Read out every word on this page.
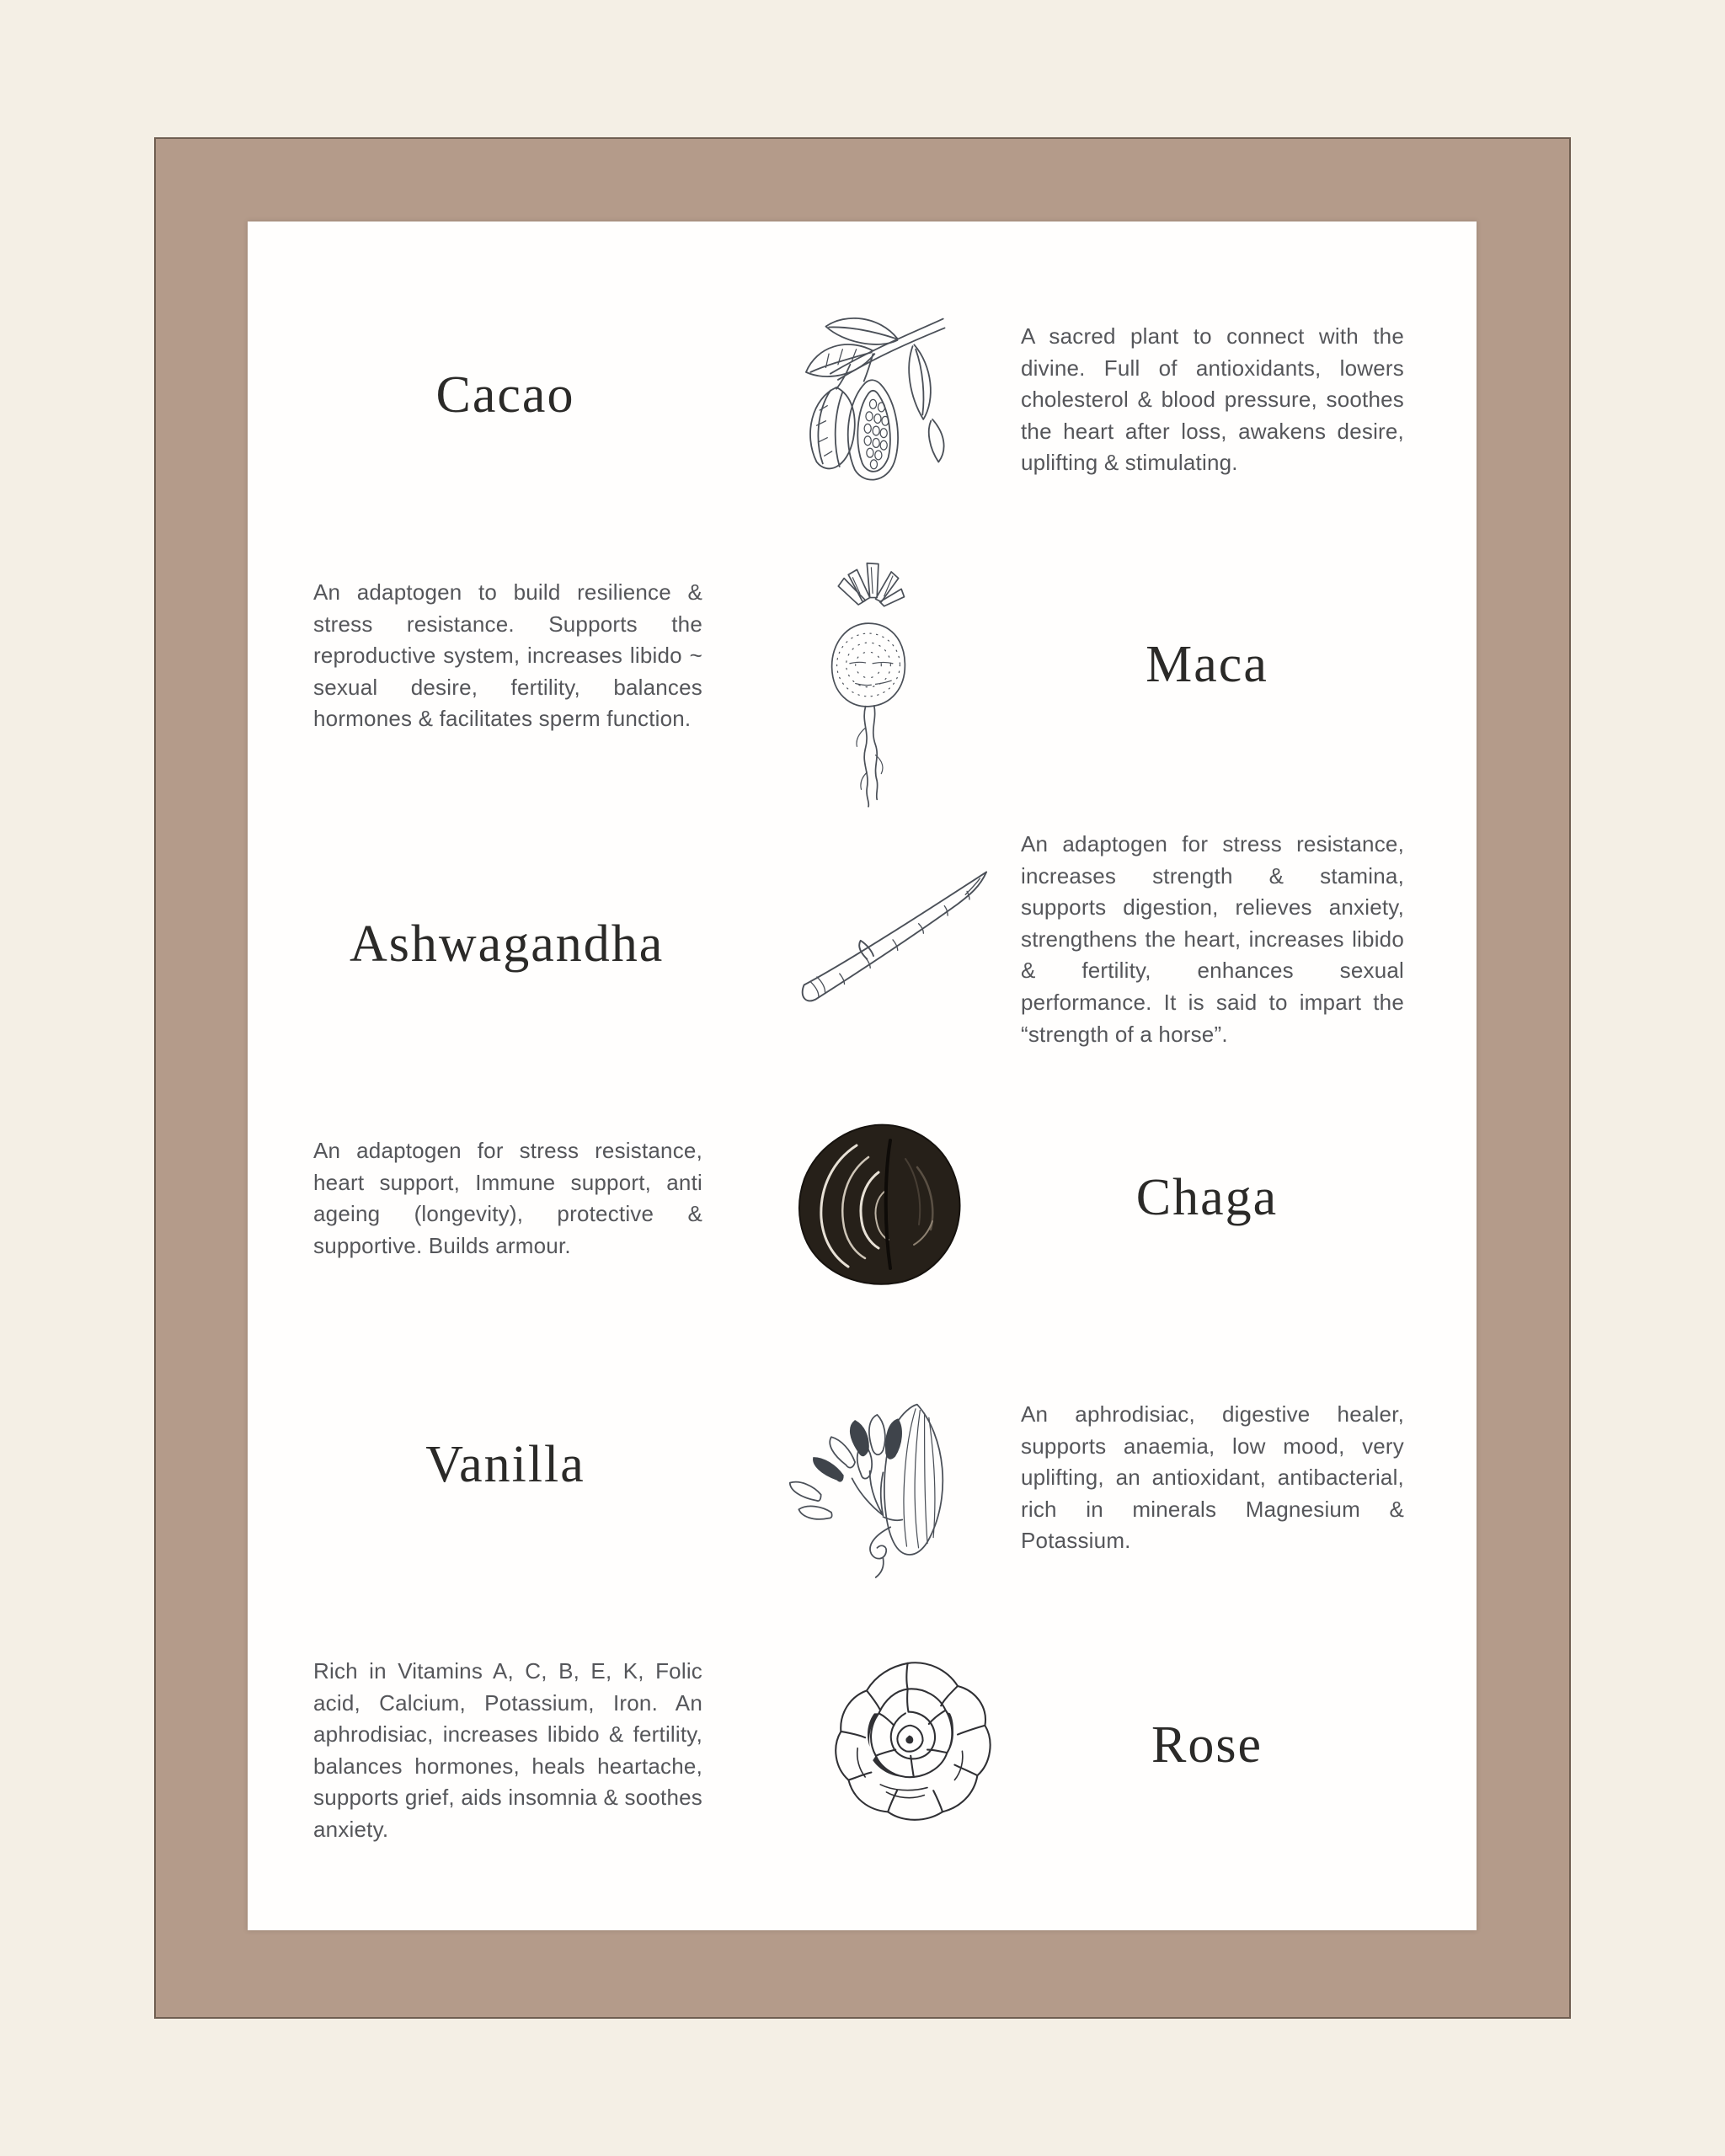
Cacao
A sacred plant to connect with the divine. Full of antioxidants, lowers cholesterol & blood pressure, soothes the heart after loss, awakens desire, uplifting & stimulating.
An adaptogen to build resilience & stress resistance. Supports the reproductive system, increases libido ~ sexual desire, fertility, balances hormones & facilitates sperm function.
Maca
Ashwagandha
An adaptogen for stress resistance, increases strength & stamina, supports digestion, relieves anxiety, strengthens the heart, increases libido & fertility, enhances sexual performance. It is said to impart the “strength of a horse”.
An adaptogen for stress resistance, heart support, Immune support, anti ageing (longevity), protective & supportive. Builds armour.
Chaga
Vanilla
An aphrodisiac, digestive healer, supports anaemia, low mood, very uplifting, an antioxidant, antibacterial, rich in minerals Magnesium & Potassium.
Rich in Vitamins A, C, B, E, K, Folic acid, Calcium, Potassium, Iron. An aphrodisiac, increases libido & fertility, balances hormones, heals heartache, supports grief, aids insomnia & soothes anxiety.
Rose
